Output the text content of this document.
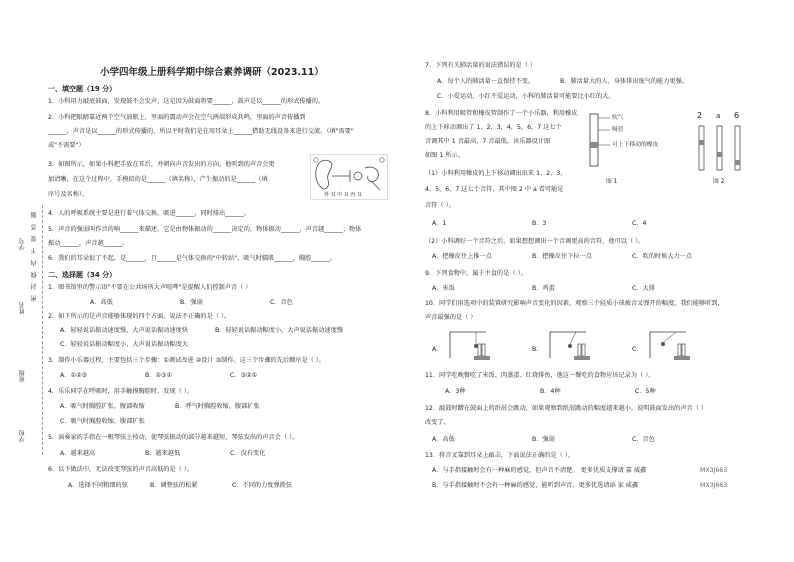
学号
姓名
班级
学校
密 封 线 内 不 要 答 题
小学四年级上册科学期中综合素养调研（2023.11）
一、填空题（19 分）
1．小科用力敲底鼓面，发现鼓不会发声，这是因为鼓面将要______，鼓声是以______的形式传播的。
2．小科把眼睛靠近两个空气油瓶上，里面的震动声会在空气两端形成共鸣，里面的声音传播到
______，声音是以______的形式传播的，所以平时我们是在用耳朵上______借助无线设备来进行交流。（填"需要"
或"不需要"）
3．如图所示，如果小科把手放在耳后，并朝向声音发出的方向，他听到的声音会更
加清晰，在这个过程中，手模拟的是______（填名称），产生振动的是______（填
序号及名称）。	外 耳 中 耳 内 耳
4．人的呼吸系统主要是进行着气体交换，吸进______，同时排出______。
5．声音的强弱叫作音的响______来描述，它是由物体振动的______决定的，物体振动______，声音越______；物体
振动______，声音越______。
6．我们的耳朵很了不起，是______，且______是气体交换的"中转站"，吸气时膈肌______，胸腔______。
二、选择题（34 分）
1．图书馆里的警示语"不要在公共场所大声喧哗"是提醒人们控制声音（ ）
A．高低	B．强弱	C．音色
2．如下所示的是声音能够体现的四个方面，说法不正确的是（ ）。
A．轻轻说话振动速度慢，大声说话振动速度快	B．轻轻说话振动幅度小，大声说话振动速度慢
C．轻轻说话振动幅度小，大声说话振动幅度大
3．制作小乐器过程，主要包括三个步骤：①调试改进 ②设计 ③制作。这三个步骤的先后顺序是（ ）。
A．①②③	B．②③①	C．③②①
4．乐乐同学在呼吸时，用手触摸胸腔时，发现（ ）。
A．吸气时胸腔扩张，腹部收缩	B．呼气时胸腔收缩，腹部扩张
C．吸气时胸腔收缩，腹部扩张
5．演奏家的手指在一根琴弦上按动，使琴弦振动的部分越来越短，琴弦发出的声音会（ ）。
A．越来越高	B．越来越低	C．没有变化
6．以下做法中，无法改变琴弦的声音高低的是（ ）。
A．选择不同粗细的弦	B．调整弦的松紧	C．不同的力度弹拨弦
7．下列有关肺活量的说法错误的是（ ）
A．每个人的肺活量一直保持不变。	B．肺活量大的人，身体排出废气的能力更强。
C．小爱运动，小红不爱运动，小科的肺活量可能要比小红的大。
8．小科利用吸管和橡皮管制作了一个小乐器，利用橡皮
的上下移动调出了 1，2，3，4，5，6，7 这七个
音调其中 1 音最高，7 音最低。该乐器设计图
如图 1 所示。
（1）小科利用橡皮的上下移动调出出来 1、2、3、
4、5、6、7 这七个音符，其中图 2 中 a 看可能是
音符（ ）。
A．1	B．3	C．4
（2）小科调好一个音符之后，如果想想调出一个音调更高的音符，他可以（ ）。
A．把橡皮往上推一点	B．把橡皮往下拉一点	C．吹的时候大力一点
吹气
吸管
可上下移动的橡皮
图 1
2 a 6
图 2
9．下列食物中，属于主食的是（ ）。
A．米饭	B．鸡蛋	C．大排
10．同学们用选项中的装置研究影响声音变化的因素，观察三个轻质小球被音叉弹开的幅度，我们能够听到，
声音最强的是（ ）
A.	B.	C.
11．同学吃晚餐吃了米饭、肉蒸蛋、红烧排鱼，他这一餐吃的食物应该记录为（ ）。
A．3种	B．4种	C．5种
12．敲鼓时蹭在鼓面上的纸屑会跳动，如果观察到纸屑跳动的幅度越来越小，说明鼓面发出的声音（ ）
改变了。
A．高低	B．强弱	C．音色
13．将音叉靠到耳朵上敲击，下面说法正确的是（ ）。
A．与手指接触时会有一种麻的感觉，但声音不清楚。 更多优质支撑请 嘉 威鑫	MX3J663
B．与手指接触时不会有一种麻的感觉，能听到声音。更多优选请添 家 威鑫	MX3J663
